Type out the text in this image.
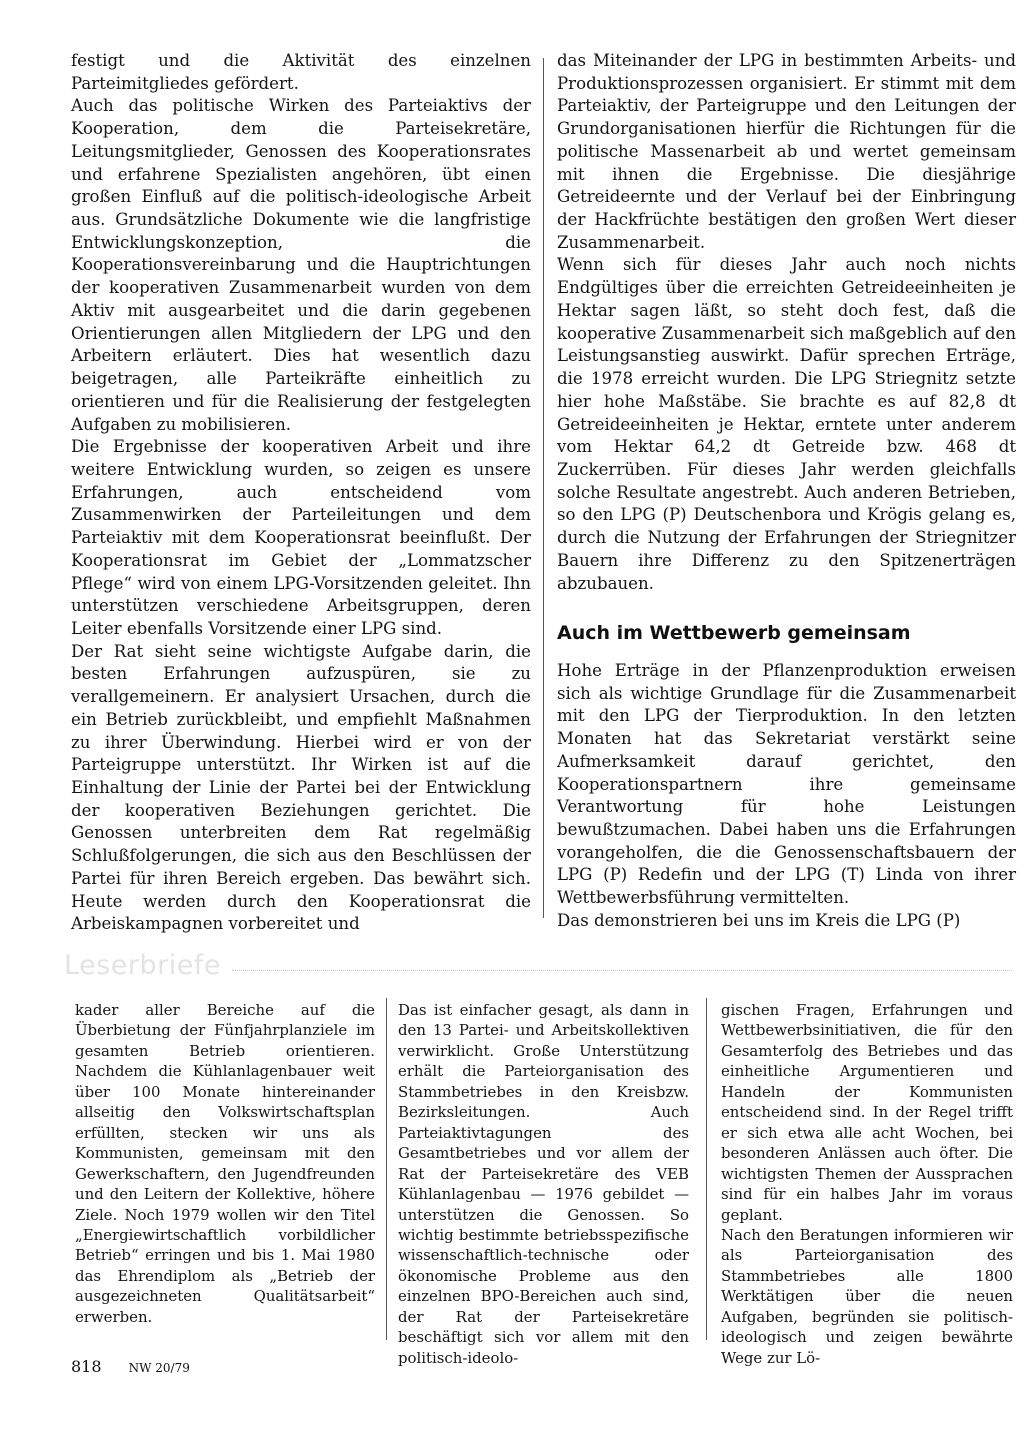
festigt und die Aktivität des einzelnen Parteimitgliedes gefördert.

Auch das politische Wirken des Parteiaktivs der Kooperation, dem die Parteisekretäre, Leitungsmitglieder, Genossen des Kooperationsrates und erfahrene Spezialisten angehören, übt einen großen Einfluß auf die politisch-ideologische Arbeit aus. Grundsätzliche Dokumente wie die langfristige Entwicklungskonzeption, die Kooperationsvereinbarung und die Hauptrichtungen der kooperativen Zusammenarbeit wurden von dem Aktiv mit ausgearbeitet und die darin gegebenen Orientierungen allen Mitgliedern der LPG und den Arbeitern erläutert. Dies hat wesentlich dazu beigetragen, alle Parteikräfte einheitlich zu orientieren und für die Realisierung der festgelegten Aufgaben zu mobilisieren.

Die Ergebnisse der kooperativen Arbeit und ihre weitere Entwicklung wurden, so zeigen es unsere Erfahrungen, auch entscheidend vom Zusammenwirken der Parteileitungen und dem Parteiaktiv mit dem Kooperationsrat beeinflußt. Der Kooperationsrat im Gebiet der „Lommatzscher Pflege“ wird von einem LPG-Vorsitzenden geleitet. Ihn unterstützen verschiedene Arbeitsgruppen, deren Leiter ebenfalls Vorsitzende einer LPG sind.

Der Rat sieht seine wichtigste Aufgabe darin, die besten Erfahrungen aufzuspüren, sie zu verallgemeinern. Er analysiert Ursachen, durch die ein Betrieb zurückbleibt, und empfiehlt Maßnahmen zu ihrer Überwindung. Hierbei wird er von der Parteigruppe unterstützt. Ihr Wirken ist auf die Einhaltung der Linie der Partei bei der Entwicklung der kooperativen Beziehungen gerichtet. Die Genossen unterbreiten dem Rat regelmäßig Schlußfolgerungen, die sich aus den Beschlüssen der Partei für ihren Bereich ergeben. Das bewährt sich. Heute werden durch den Kooperationsrat die Arbeiskampagnen vorbereitet und

das Miteinander der LPG in bestimmten Arbeits- und Produktionsprozessen organisiert. Er stimmt mit dem Parteiaktiv, der Parteigruppe und den Leitungen der Grundorganisationen hierfür die Richtungen für die politische Massenarbeit ab und wertet gemeinsam mit ihnen die Ergebnisse. Die diesjährige Getreideernte und der Verlauf bei der Einbringung der Hackfrüchte bestätigen den großen Wert dieser Zusammenarbeit.

Wenn sich für dieses Jahr auch noch nichts Endgültiges über die erreichten Getreideeinheiten je Hektar sagen läßt, so steht doch fest, daß die kooperative Zusammenarbeit sich maßgeblich auf den Leistungsanstieg auswirkt. Dafür sprechen Erträge, die 1978 erreicht wurden. Die LPG Striegnitz setzte hier hohe Maßstäbe. Sie brachte es auf 82,8 dt Getreideeinheiten je Hektar, erntete unter anderem vom Hektar 64,2 dt Getreide bzw. 468 dt Zuckerrüben. Für dieses Jahr werden gleichfalls solche Resultate angestrebt. Auch anderen Betrieben, so den LPG (P) Deutschenbora und Krögis gelang es, durch die Nutzung der Erfahrungen der Striegnitzer Bauern ihre Differenz zu den Spitzenerträgen abzubauen.

Auch im Wettbewerb gemeinsam

Hohe Erträge in der Pflanzenproduktion erweisen sich als wichtige Grundlage für die Zusammenarbeit mit den LPG der Tierproduktion. In den letzten Monaten hat das Sekretariat verstärkt seine Aufmerksamkeit darauf gerichtet, den Kooperationspartnern ihre gemeinsame Verantwortung für hohe Leistungen bewußtzumachen. Dabei haben uns die Erfahrungen vorangeholfen, die die Genossenschaftsbauern der LPG (P) Redefin und der LPG (T) Linda von ihrer Wettbewerbsführung vermittelten.

Das demonstrieren bei uns im Kreis die LPG (P)

Leserbriefe

kader aller Bereiche auf die Überbietung der Fünfjahrplanziele im gesamten Betrieb orientieren. Nachdem die Kühlanlagenbauer weit über 100 Monate hintereinander allseitig den Volkswirtschaftsplan erfüllten, stecken wir uns als Kommunisten, gemeinsam mit den Gewerkschaftern, den Jugendfreunden und den Leitern der Kollektive, höhere Ziele. Noch 1979 wollen wir den Titel „Energiewirtschaftlich vorbildlicher Betrieb“ erringen und bis 1. Mai 1980 das Ehrendiplom als „Betrieb der ausgezeichneten Qualitätsarbeit“ erwerben.

Das ist einfacher gesagt, als dann in den 13 Partei- und Arbeitskollektiven verwirklicht. Große Unterstützung erhält die Parteiorganisation des Stammbetriebes in den Kreisbzw. Bezirksleitungen. Auch Parteiaktivtagungen des Gesamtbetriebes und vor allem der Rat der Parteisekretäre des VEB Kühlanlagenbau — 1976 gebildet — unterstützen die Genossen. So wichtig bestimmte betriebsspezifische wissenschaftlich-technische oder ökonomische Probleme aus den einzelnen BPO-Bereichen auch sind, der Rat der Parteisekretäre beschäftigt sich vor allem mit den politisch-ideolo-

gischen Fragen, Erfahrungen und Wettbewerbsinitiativen, die für den Gesamterfolg des Betriebes und das einheitliche Argumentieren und Handeln der Kommunisten entscheidend sind. In der Regel trifft er sich etwa alle acht Wochen, bei besonderen Anlässen auch öfter. Die wichtigsten Themen der Aussprachen sind für ein halbes Jahr im voraus geplant.

Nach den Beratungen informieren wir als Parteiorganisation des Stammbetriebes alle 1800 Werktätigen über die neuen Aufgaben, begründen sie politisch-ideologisch und zeigen bewährte Wege zur Lö-

818 NW 20/79
